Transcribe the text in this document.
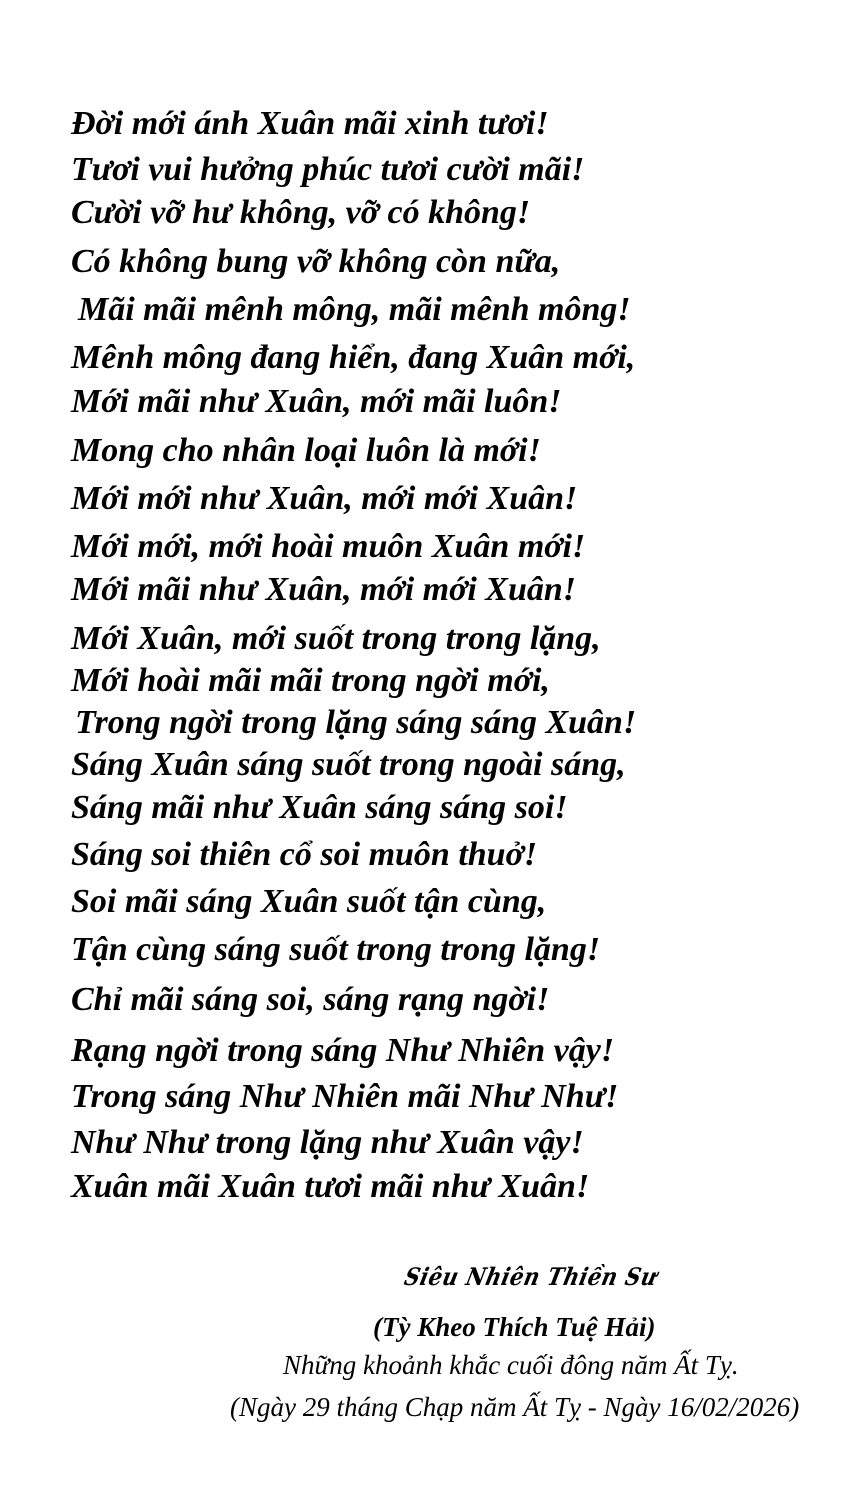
Đời mới ánh Xuân mãi xinh tươi!
Tươi vui hưởng phúc tươi cười mãi!
Cười vỡ hư không, vỡ có không!
Có không bung vỡ không còn nữa,
Mãi mãi mênh mông, mãi mênh mông!
Mênh mông đang hiển, đang Xuân mới,
Mới mãi như Xuân, mới mãi luôn!
Mong cho nhân loại luôn là mới!
Mới mới như Xuân, mới mới Xuân!
Mới mới, mới hoài muôn Xuân mới!
Mới mãi như Xuân, mới mới Xuân!
Mới Xuân, mới suốt trong trong lặng,
Mới hoài mãi mãi trong ngời mới,
Trong ngời trong lặng sáng sáng Xuân!
Sáng Xuân sáng suốt trong ngoài sáng,
Sáng mãi như Xuân sáng sáng soi!
Sáng soi thiên cổ soi muôn thuở!
Soi mãi sáng Xuân suốt tận cùng,
Tận cùng sáng suốt trong trong lặng!
Chỉ mãi sáng soi, sáng rạng ngời!
Rạng ngời trong sáng Như Nhiên vậy!
Trong sáng Như Nhiên mãi Như Như!
Như Như trong lặng như Xuân vậy!
Xuân mãi Xuân tươi mãi như Xuân!
Siêu Nhiên Thiền Sư
(Tỳ Kheo Thích Tuệ Hải)
Những khoảnh khắc cuối đông năm Ất Tỵ.
(Ngày 29 tháng Chạp năm Ất Tỵ - Ngày 16/02/2026)
